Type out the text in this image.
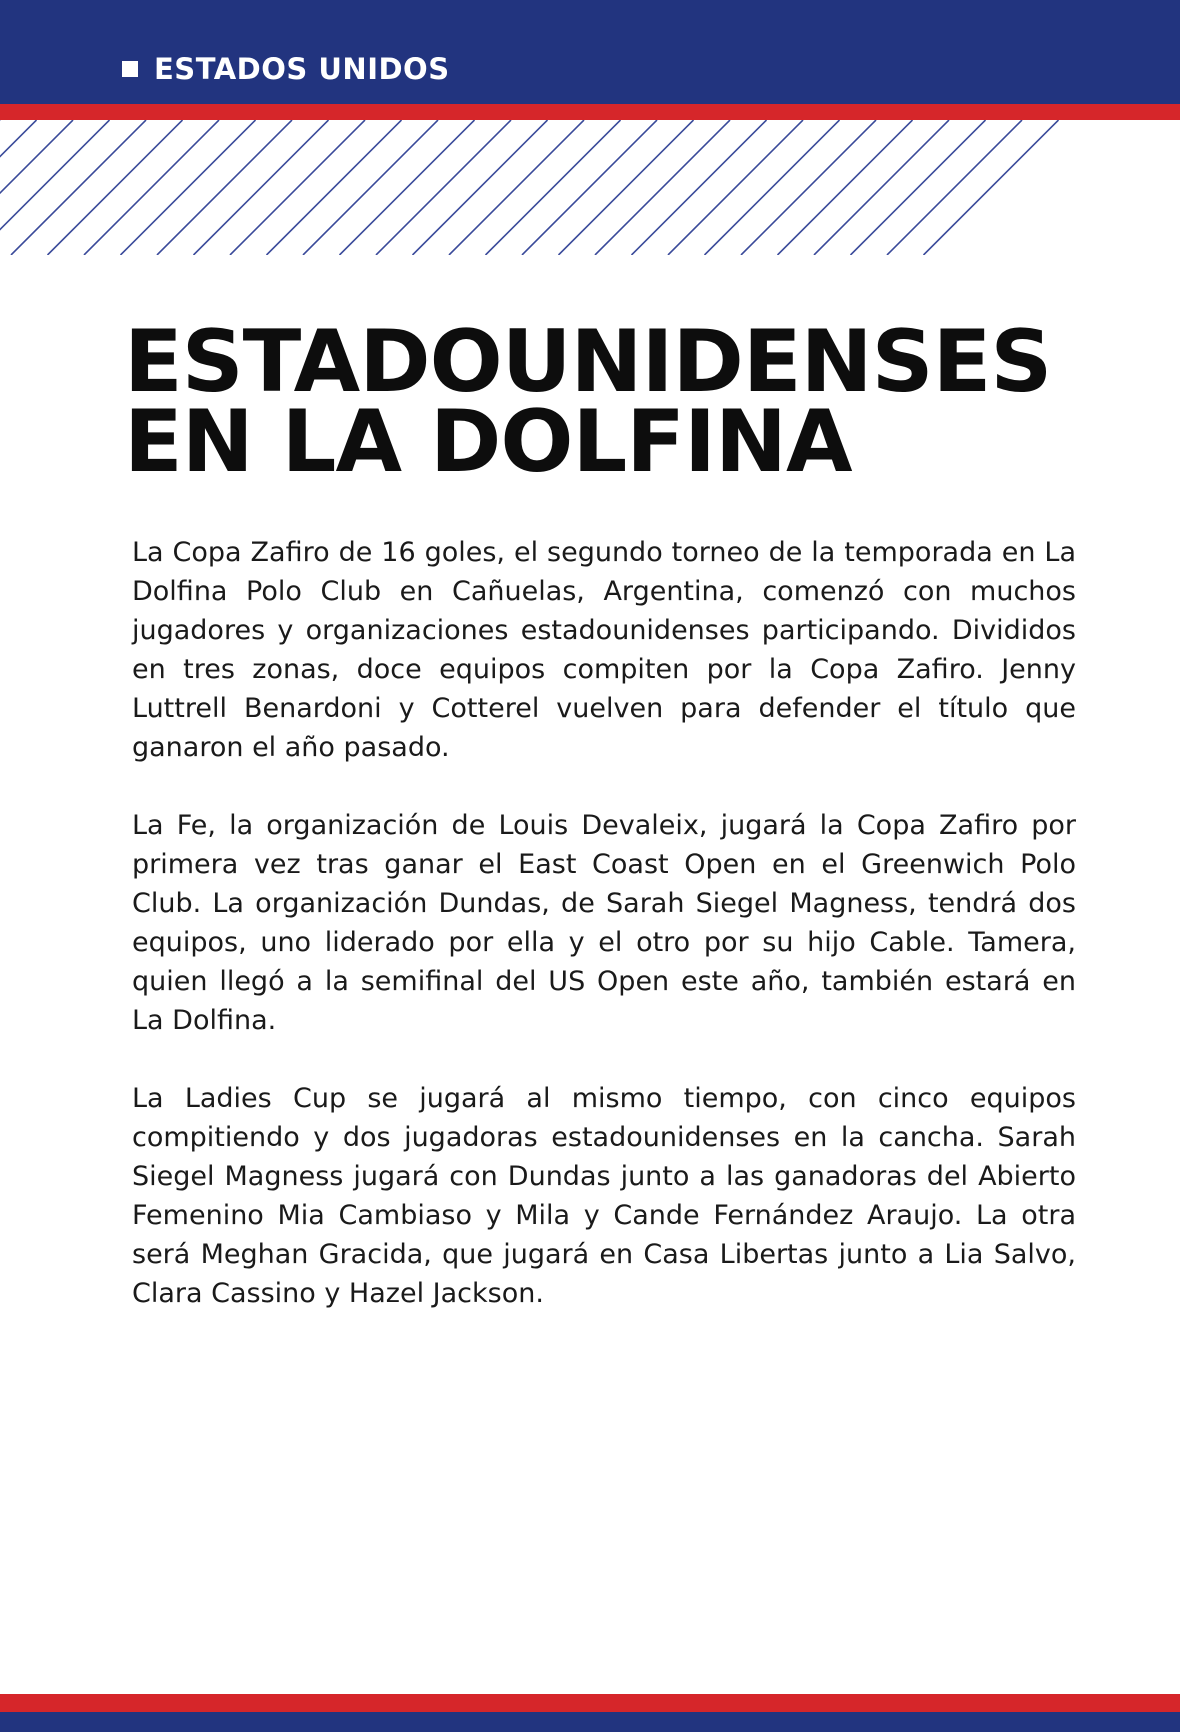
ESTADOS UNIDOS
ESTADOUNIDENSES
EN LA DOLFINA

La Copa Zafiro de 16 goles, el segundo torneo de la temporada en La Dolfina Polo Club en Cañuelas, Argentina, comenzó con muchos jugadores y organizaciones estadounidenses participando. Divididos en tres zonas, doce equipos compiten por la Copa Zafiro. Jenny Luttrell Benardoni y Cotterel vuelven para defender el título que ganaron el año pasado.

La Fe, la organización de Louis Devaleix, jugará la Copa Zafiro por primera vez tras ganar el East Coast Open en el Greenwich Polo Club. La organización Dundas, de Sarah Siegel Magness, tendrá dos equipos, uno liderado por ella y el otro por su hijo Cable. Tamera, quien llegó a la semifinal del US Open este año, también estará en La Dolfina.

La Ladies Cup se jugará al mismo tiempo, con cinco equipos compitiendo y dos jugadoras estadounidenses en la cancha. Sarah Siegel Magness jugará con Dundas junto a las ganadoras del Abierto Femenino Mia Cambiaso y Mila y Cande Fernández Araujo. La otra será Meghan Gracida, que jugará en Casa Libertas junto a Lia Salvo, Clara Cassino y Hazel Jackson.
